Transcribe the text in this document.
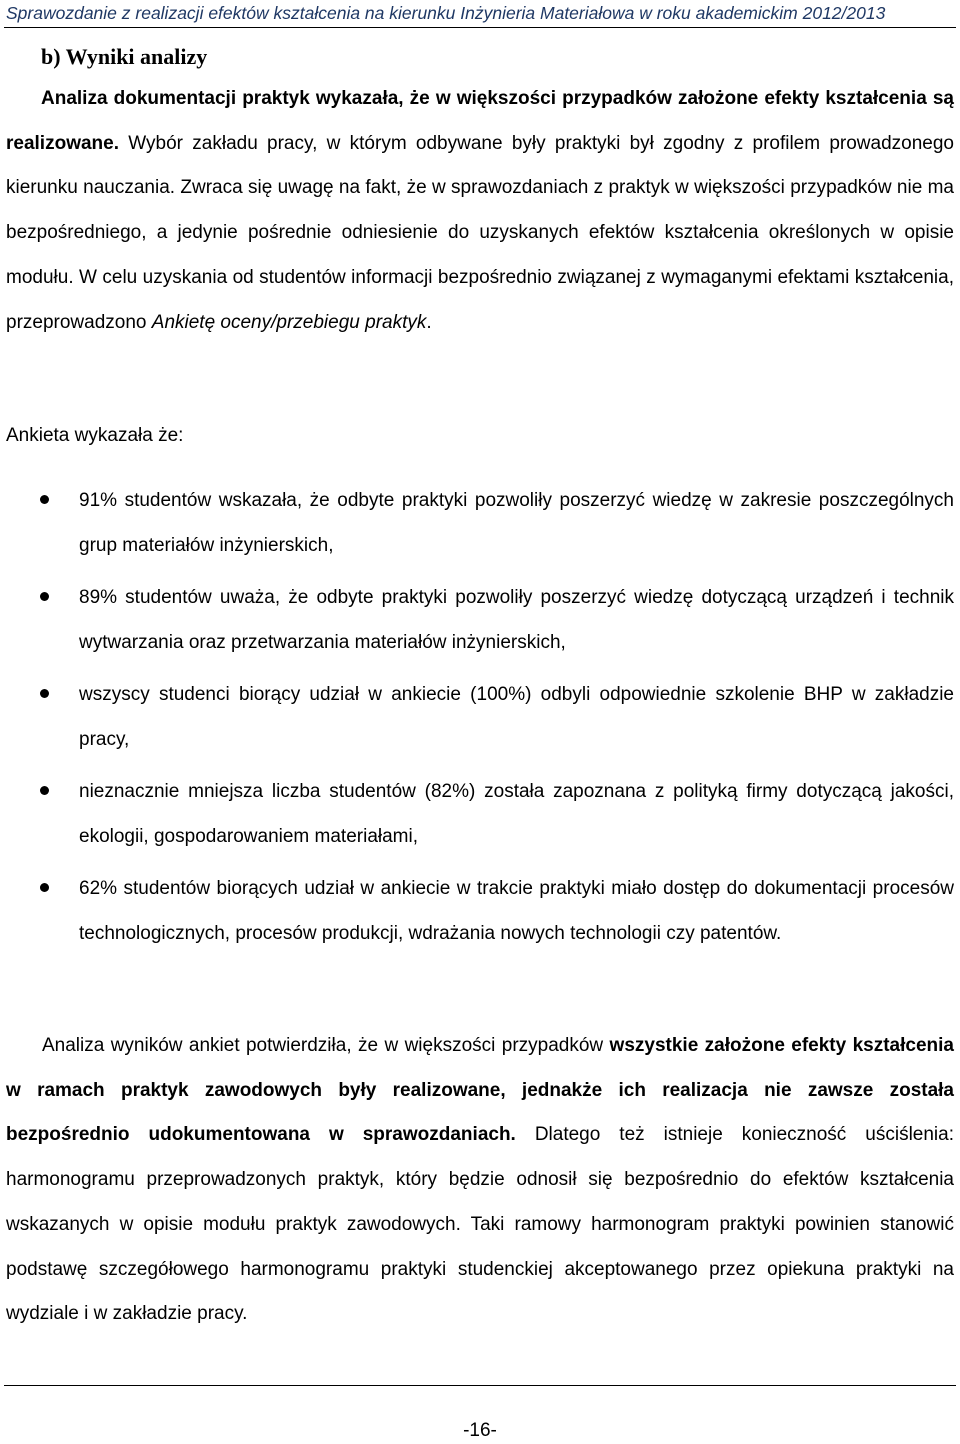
Sprawozdanie z realizacji efektów kształcenia na kierunku Inżynieria Materiałowa w roku akademickim 2012/2013
b) Wyniki analizy
Analiza dokumentacji praktyk wykazała, że w większości przypadków założone efekty kształcenia są realizowane. Wybór zakładu pracy, w którym odbywane były praktyki był zgodny z profilem prowadzonego kierunku nauczania. Zwraca się uwagę na fakt, że w sprawozdaniach z praktyk w większości przypadków nie ma bezpośredniego, a jedynie pośrednie odniesienie do uzyskanych efektów kształcenia określonych w opisie modułu. W celu uzyskania od studentów informacji bezpośrednio związanej z wymaganymi efektami kształcenia, przeprowadzono Ankietę oceny/przebiegu praktyk.
Ankieta wykazała że:
91% studentów wskazała, że odbyte praktyki pozwoliły poszerzyć wiedzę w zakresie poszczególnych grup materiałów inżynierskich,
89% studentów uważa, że odbyte praktyki pozwoliły poszerzyć wiedzę dotyczącą urządzeń i technik wytwarzania oraz przetwarzania materiałów inżynierskich,
wszyscy studenci biorący udział w ankiecie (100%) odbyli odpowiednie szkolenie BHP w zakładzie pracy,
nieznacznie mniejsza liczba studentów (82%) została zapoznana z polityką firmy dotyczącą jakości, ekologii, gospodarowaniem materiałami,
62% studentów biorących udział w ankiecie w trakcie praktyki miało dostęp do dokumentacji procesów technologicznych, procesów produkcji, wdrażania nowych technologii czy patentów.
Analiza wyników ankiet potwierdziła, że w większości przypadków wszystkie założone efekty kształcenia w ramach praktyk zawodowych były realizowane, jednakże ich realizacja nie zawsze została bezpośrednio udokumentowana w sprawozdaniach. Dlatego też istnieje konieczność uściślenia: harmonogramu przeprowadzonych praktyk, który będzie odnosił się bezpośrednio do efektów kształcenia wskazanych w opisie modułu praktyk zawodowych. Taki ramowy harmonogram praktyki powinien stanowić podstawę szczegółowego harmonogramu praktyki studenckiej akceptowanego przez opiekuna praktyki na wydziale i w zakładzie pracy.
-16-
